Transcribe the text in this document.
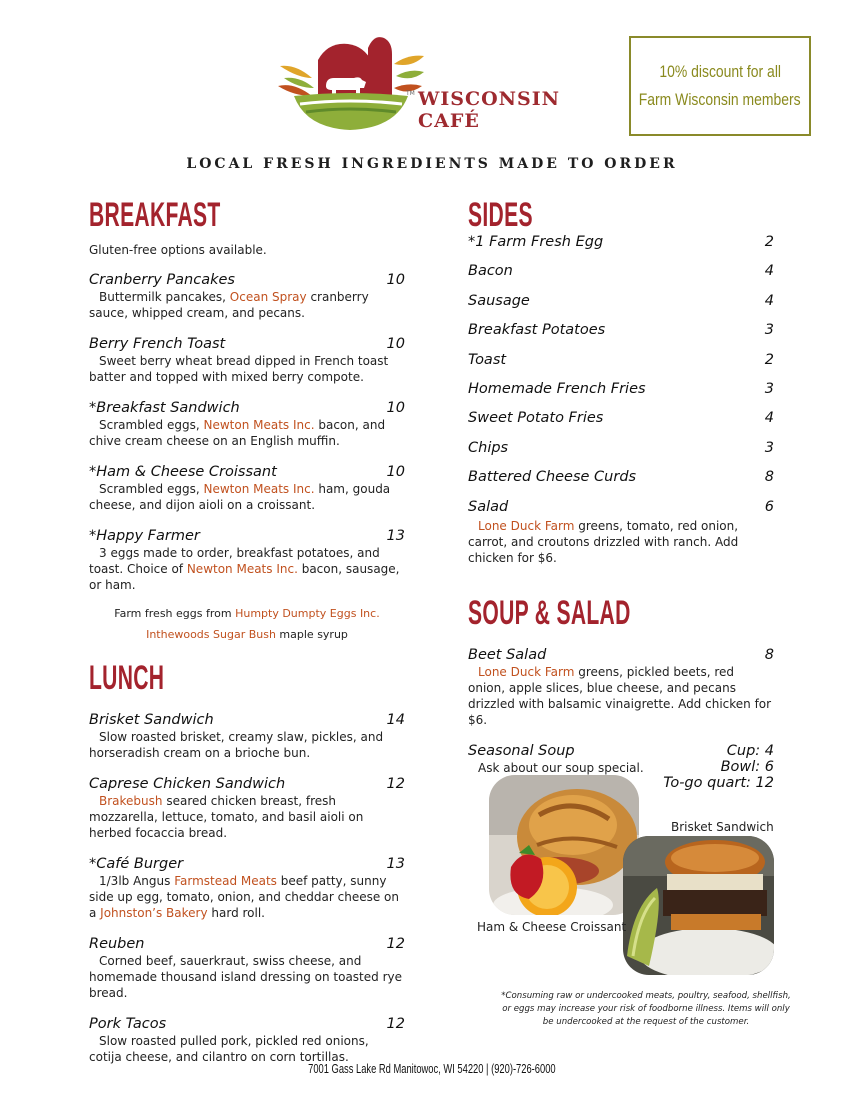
TM WISCONSIN
CAFÉ
10% discount for all
Farm Wisconsin members
LOCAL FRESH INGREDIENTS MADE TO ORDER
BREAKFAST
Gluten-free options available.
Cranberry Pancakes	10
Buttermilk pancakes, Ocean Spray cranberry sauce, whipped cream, and pecans.
Berry French Toast	10
Sweet berry wheat bread dipped in French toast batter and topped with mixed berry compote.
*Breakfast Sandwich	10
Scrambled eggs, Newton Meats Inc. bacon, and chive cream cheese on an English muffin.
*Ham & Cheese Croissant	10
Scrambled eggs, Newton Meats Inc. ham, gouda cheese, and dijon aioli on a croissant.
*Happy Farmer	13
3 eggs made to order, breakfast potatoes, and toast. Choice of Newton Meats Inc. bacon, sausage, or ham.
Farm fresh eggs from Humpty Dumpty Eggs Inc.
Inthewoods Sugar Bush maple syrup
LUNCH
Brisket Sandwich	14
Slow roasted brisket, creamy slaw, pickles, and horseradish cream on a brioche bun.
Caprese Chicken Sandwich	12
Brakebush seared chicken breast, fresh mozzarella, lettuce, tomato, and basil aioli on herbed focaccia bread.
*Café Burger	13
1/3lb Angus Farmstead Meats beef patty, sunny side up egg, tomato, onion, and cheddar cheese on a Johnston’s Bakery hard roll.
Reuben	12
Corned beef, sauerkraut, swiss cheese, and homemade thousand island dressing on toasted rye bread.
Pork Tacos	12
Slow roasted pulled pork, pickled red onions, cotija cheese, and cilantro on corn tortillas.
SIDES
*1 Farm Fresh Egg	2
Bacon	4
Sausage	4
Breakfast Potatoes	3
Toast	2
Homemade French Fries	3
Sweet Potato Fries	4
Chips	3
Battered Cheese Curds	8
Salad	6
Lone Duck Farm greens, tomato, red onion, carrot, and croutons drizzled with ranch. Add chicken for $6.
SOUP & SALAD
Beet Salad	8
Lone Duck Farm greens, pickled beets, red onion, apple slices, blue cheese, and pecans drizzled with balsamic vinaigrette. Add chicken for $6.
Seasonal Soup
Ask about our soup special.
Cup: 4
Bowl: 6
To-go quart: 12
Brisket Sandwich
Ham & Cheese Croissant
*Consuming raw or undercooked meats, poultry, seafood, shellfish, or eggs may increase your risk of foodborne illness. Items will only be undercooked at the request of the customer.
7001 Gass Lake Rd Manitowoc, WI 54220 | (920)-726-6000
